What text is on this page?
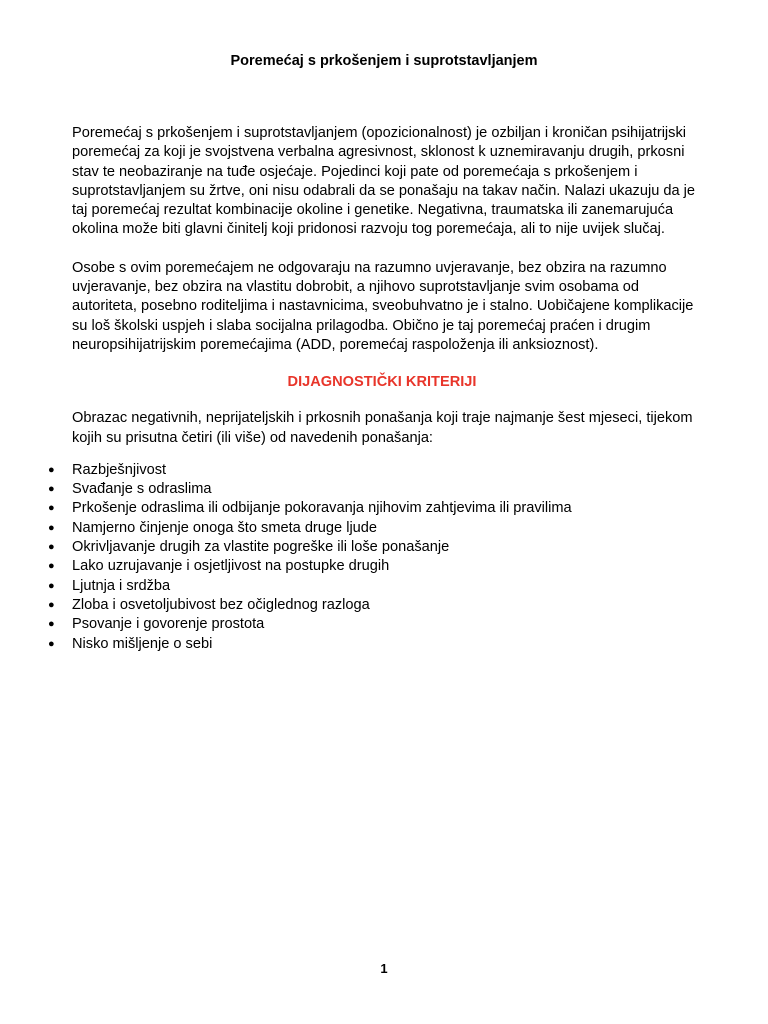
Poremećaj s prkošenjem i suprotstavljanjem

Poremećaj s prkošenjem i suprotstavljanjem (opozicionalnost) je ozbiljan i kroničan psihijatrijski poremećaj za koji je svojstvena verbalna agresivnost, sklonost k uznemiravanju drugih, prkosni stav te neobaziranje na tuđe osjećaje. Pojedinci koji pate od poremećaja s prkošenjem i suprotstavljanjem su žrtve, oni nisu odabrali da se ponašaju na takav način. Nalazi ukazuju da je taj poremećaj rezultat kombinacije okoline i genetike. Negativna, traumatska ili zanemarujuća okolina može biti glavni činitelj koji pridonosi razvoju tog poremećaja, ali to nije uvijek slučaj.

Osobe s ovim poremećajem ne odgovaraju na razumno uvjeravanje, bez obzira na razumno uvjeravanje, bez obzira na vlastitu dobrobit, a njihovo suprotstavljanje svim osobama od autoriteta, posebno roditeljima i nastavnicima, sveobuhvatno je i stalno. Uobičajene komplikacije su loš školski uspjeh i slaba socijalna prilagodba. Obično je taj poremećaj praćen i drugim neuropsihijatrijskim poremećajima (ADD, poremećaj raspoloženja ili anksioznost).

DIJAGNOSTIČKI KRITERIJI

Obrazac negativnih, neprijateljskih i prkosnih ponašanja koji traje najmanje šest mjeseci, tijekom kojih su prisutna četiri (ili više) od navedenih ponašanja:

● Razbješnjivost
● Svađanje s odraslima
● Prkošenje odraslima ili odbijanje pokoravanja njihovim zahtjevima ili pravilima
● Namjerno činjenje onoga što smeta druge ljude
● Okrivljavanje drugih za vlastite pogreške ili loše ponašanje
● Lako uzrujavanje i osjetljivost na postupke drugih
● Ljutnja i srdžba
● Zloba i osvetoljubivost bez očiglednog razloga
● Psovanje i govorenje prostota
● Nisko mišljenje o sebi
1
